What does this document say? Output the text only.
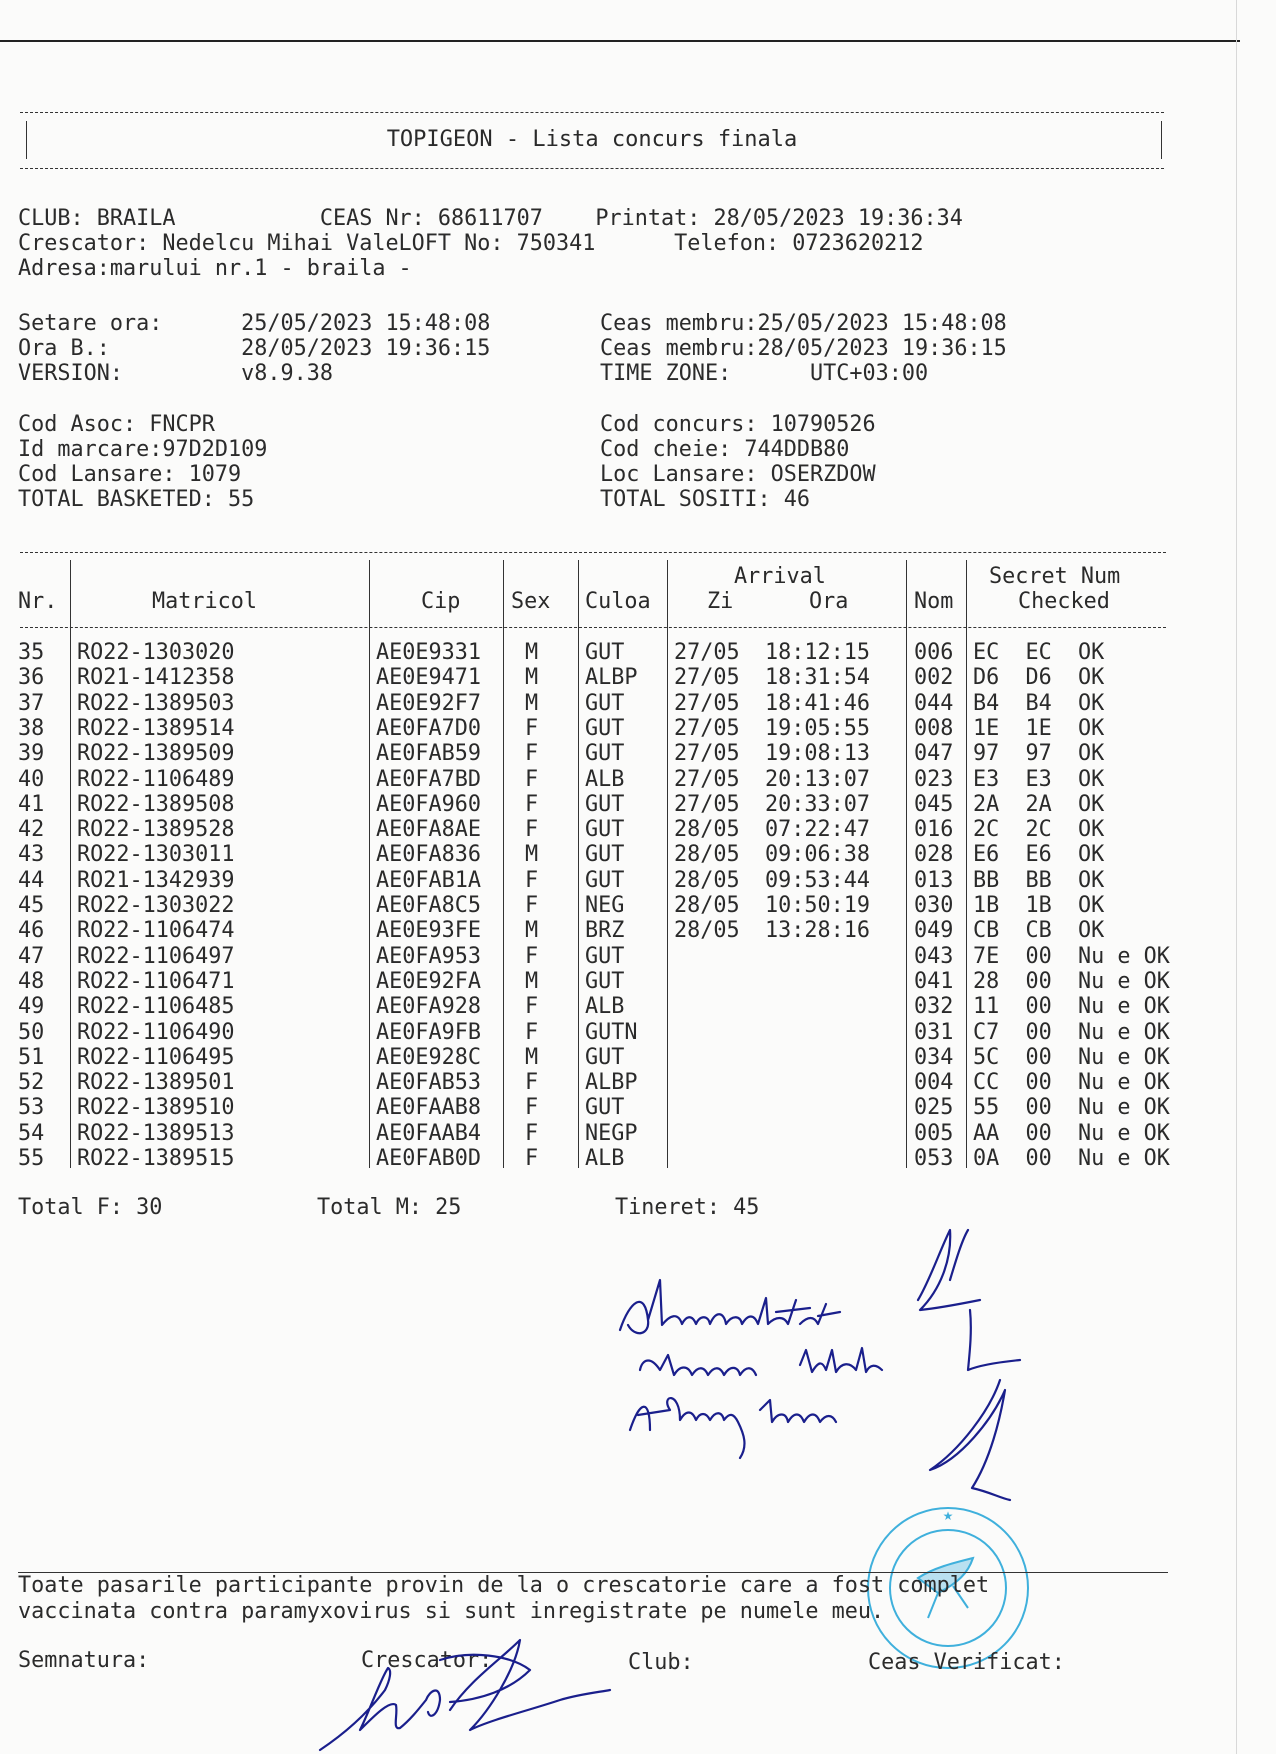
TOPIGEON - Lista concurs finala
CLUB: BRAILA           CEAS Nr: 68611707    Printat: 28/05/2023 19:36:34
Crescator: Nedelcu Mihai ValeLOFT No: 750341      Telefon: 0723620212
Adresa:marului nr.1 - braila -
Setare ora:      25/05/2023 15:48:08
Ora B.:          28/05/2023 19:36:15
VERSION:         v8.9.38
Ceas membru:25/05/2023 15:48:08
Ceas membru:28/05/2023 19:36:15
TIME ZONE:      UTC+03:00
Cod Asoc: FNCPR
Id marcare:97D2D109
Cod Lansare: 1079
TOTAL BASKETED: 55
Cod concurs: 10790526
Cod cheie: 744DDB80
Loc Lansare: OSERZDOW
TOTAL SOSITI: 46
Nr.	Matricol	Cip Sex Culoa
Arrival
Zi	Ora	Nom
Secret Num
Checked
35 RO22-1303020	AE0E9331 M GUT 27/05 18:12:15 006 EC  EC  OK
36 RO21-1412358	AE0E9471 M ALBP 27/05 18:31:54 002 D6  D6  OK
37 RO22-1389503	AE0E92F7 M GUT 27/05 18:41:46 044 B4  B4  OK
38 RO22-1389514	AE0FA7D0 F GUT 27/05 19:05:55 008 1E  1E  OK
39 RO22-1389509	AE0FAB59 F GUT 27/05 19:08:13 047 97  97  OK
40 RO22-1106489	AE0FA7BD F ALB 27/05 20:13:07 023 E3  E3  OK
41 RO22-1389508	AE0FA960 F GUT 27/05 20:33:07 045 2A  2A  OK
42 RO22-1389528	AE0FA8AE F GUT 28/05 07:22:47 016 2C  2C  OK
43 RO22-1303011	AE0FA836 M GUT 28/05 09:06:38 028 E6  E6  OK
44 RO21-1342939	AE0FAB1A F GUT 28/05 09:53:44 013 BB  BB  OK
45 RO22-1303022	AE0FA8C5 F NEG 28/05 10:50:19 030 1B  1B  OK
46 RO22-1106474	AE0E93FE M BRZ 28/05 13:28:16 049 CB  CB  OK
47 RO22-1106497	AE0FA953 F GUT	043 7E  00  Nu e OK
48 RO22-1106471	AE0E92FA M GUT	041 28  00  Nu e OK
49 RO22-1106485	AE0FA928 F ALB	032 11  00  Nu e OK
50 RO22-1106490	AE0FA9FB F GUTN	031 C7  00  Nu e OK
51 RO22-1106495	AE0E928C M GUT	034 5C  00  Nu e OK
52 RO22-1389501	AE0FAB53 F ALBP	004 CC  00  Nu e OK
53 RO22-1389510	AE0FAAB8 F GUT	025 55  00  Nu e OK
54 RO22-1389513	AE0FAAB4 F NEGP	005 AA  00  Nu e OK
55 RO22-1389515	AE0FAB0D F ALB	053 0A  00  Nu e OK
Total F: 30	Total M: 25	Tineret: 45
★
Toate pasarile participante provin de la o crescatorie care a fost complet
vaccinata contra paramyxovirus si sunt inregistrate pe numele meu.
Semnatura:	Crescator:	Club:	Ceas Verificat:
